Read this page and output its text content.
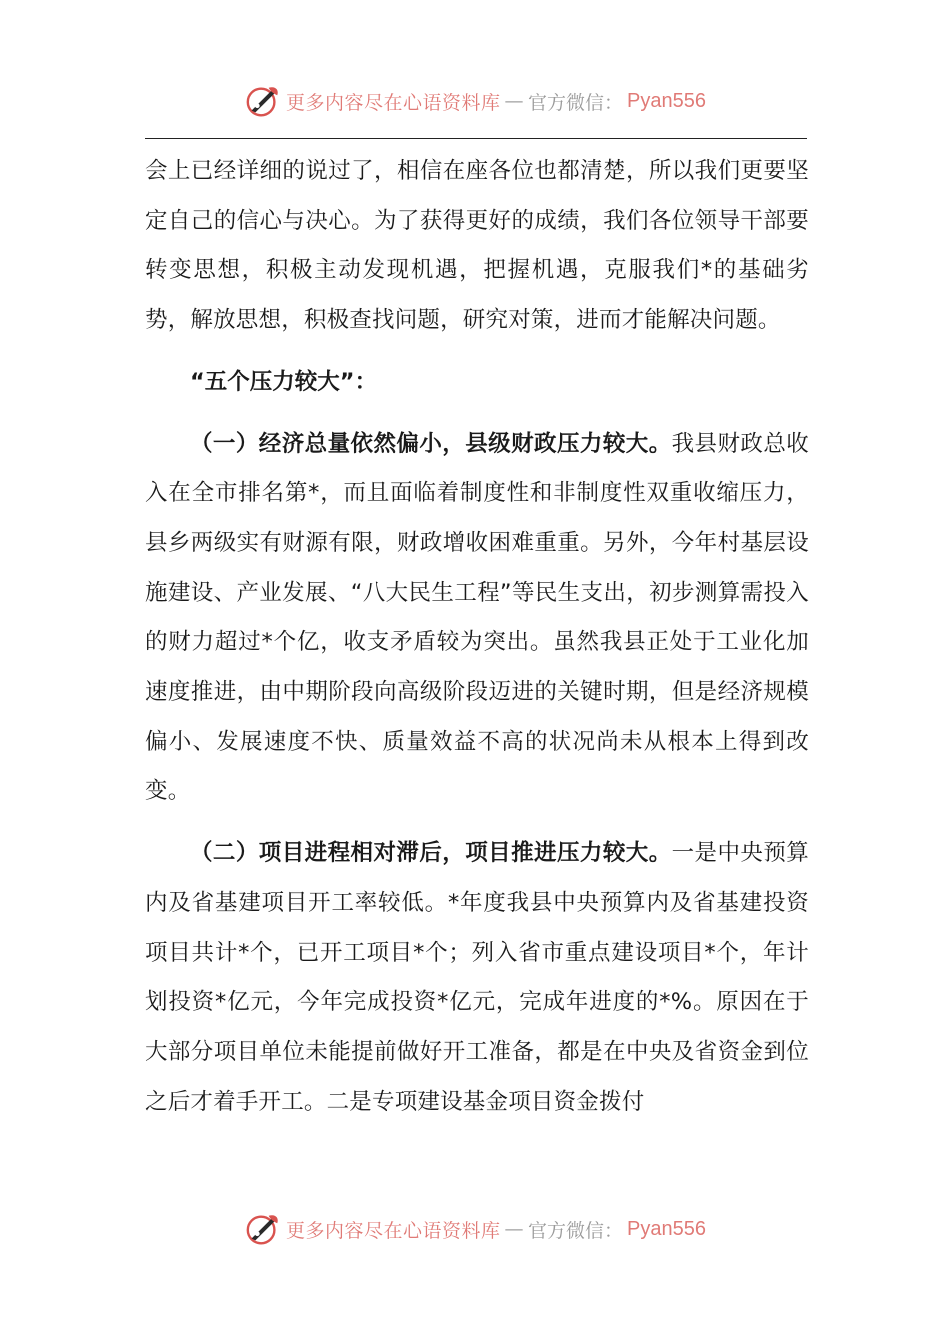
更多内容尽在心语资料库 — 官方微信： Pyan556

会上已经详细的说过了，相信在座各位也都清楚，所以我们更要坚定自己的信心与决心。为了获得更好的成绩，我们各位领导干部要转变思想，积极主动发现机遇，把握机遇，克服我们*的基础劣势，解放思想，积极查找问题，研究对策，进而才能解决问题。

“五个压力较大”：

（一）经济总量依然偏小，县级财政压力较大。我县财政总收入在全市排名第*，而且面临着制度性和非制度性双重收缩压力，县乡两级实有财源有限，财政增收困难重重。另外，今年村基层设施建设、产业发展、“八大民生工程”等民生支出，初步测算需投入的财力超过*个亿，收支矛盾较为突出。虽然我县正处于工业化加速度推进，由中期阶段向高级阶段迈进的关键时期，但是经济规模偏小、发展速度不快、质量效益不高的状况尚未从根本上得到改变。

（二）项目进程相对滞后，项目推进压力较大。一是中央预算内及省基建项目开工率较低。*年度我县中央预算内及省基建投资项目共计*个，已开工项目*个；列入省市重点建设项目*个，年计划投资*亿元，今年完成投资*亿元，完成年进度的*%。原因在于大部分项目单位未能提前做好开工准备，都是在中央及省资金到位之后才着手开工。二是专项建设基金项目资金拨付

更多内容尽在心语资料库 — 官方微信： Pyan556
